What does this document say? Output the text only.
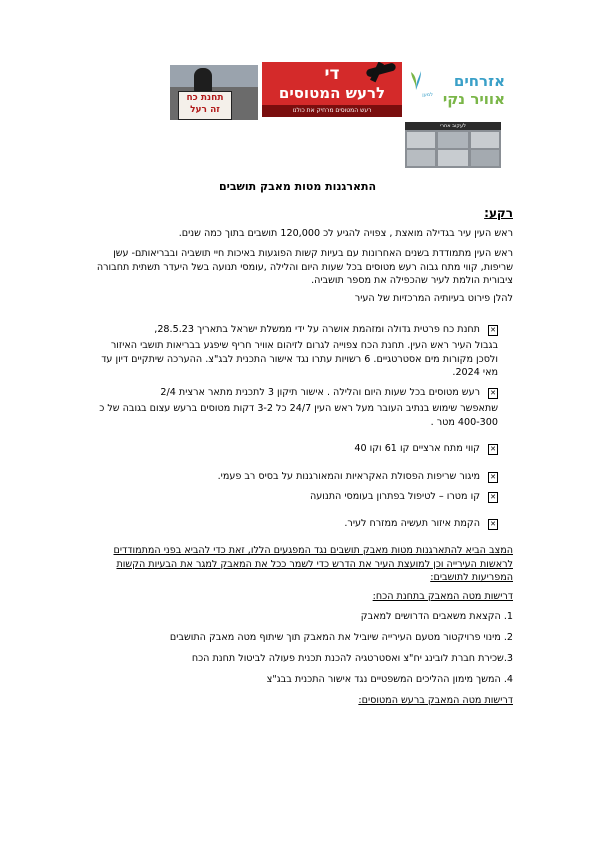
תחנת כח
זה רעל
די
לרעש המטוסים
רעש המטוסים מרחיק את כולנו
למען
אזרחים
אוויר נקי
לעקוב אחרי
התארגנות מטות מאבק תושבים
רקע:
ראש העין עיר בגדילה מואצת , צפויה להגיע לכ 120,000 תושבים בתוך כמה שנים.
ראש העין מתמודדת בשנים האחרונות עם בעיות קשות הפוגעות באיכות חיי תושביה ובבריאותם- עשן שריפות, קווי מתח גבוה רעש מטוסים בכל שעות היום והלילה ,עומסי תנועה בשל היעדר תשתית תחבורה ציבורית הולמת לעיר שהכפילה את מספר תושביה.
להלן פירוט בעיותיה המרכזיות של העיר
✕
תחנת כח פרטית גדולה ומזהמת אושרה על ידי ממשלת ישראל בתאריך 28.5.23,
בגבול העיר ראש העין. תחנת הכח צפוייה לגרום לזיהום אוויר חריף שיפגע בבריאות תושבי האיזור ולסכן מקורות מים אסטרטגיים. 6 רשויות עתרו נגד אישור התכנית לבג"צ. ההערכה שיתקיים דיון עד מאי 2024.
✕
רעש מטוסים בכל שעות היום והלילה . אישור תיקון 3 לתכנית מתאר ארצית 2/4
שתאפשר שימוש בנתיב העובר מעל ראש העין 24/7 כל 3-2 דקות מטוסים ברעש עצום בגובה של כ 400-300 מטר .
✕
קווי מתח ארציים קו 61 וקו 40
✕
מיגור שריפות הפסולת האקראיות והמאורגנות על בסיס רב פעמי.
✕
קו מטרו – לטיפול בפתרון בעומסי התנועה
✕
הקמת איזור תעשיה ממזרח לעיר.
המצב הביא להתארגנות מטות מאבק תושבים נגד המפגעים הללו, זאת כדי להביא בפני המתמודדים לראשות העירייה וכן למועצת העיר את הדרש כדי לשמר ככל את המאבק למגר את הבעיות הקשות המפריעות לתושבים:
דרישות מטה המאבק בתחנת הכח:
1. הקצאת משאבים הדרושים למאבק
2. מינוי פרויקטור מטעם העירייה שיוביל את המאבק תוך שיתוף מטה מאבק התושבים
3.שכירת חברת לובינג יח"צ ואסטרטגיה להכנת תכנית פעולה לביטול תחנת הכח
4. המשך מימון ההליכים המשפטיים נגד אישור התכנית בבג"צ
דרישות מטה המאבק ברעש המטוסים:
